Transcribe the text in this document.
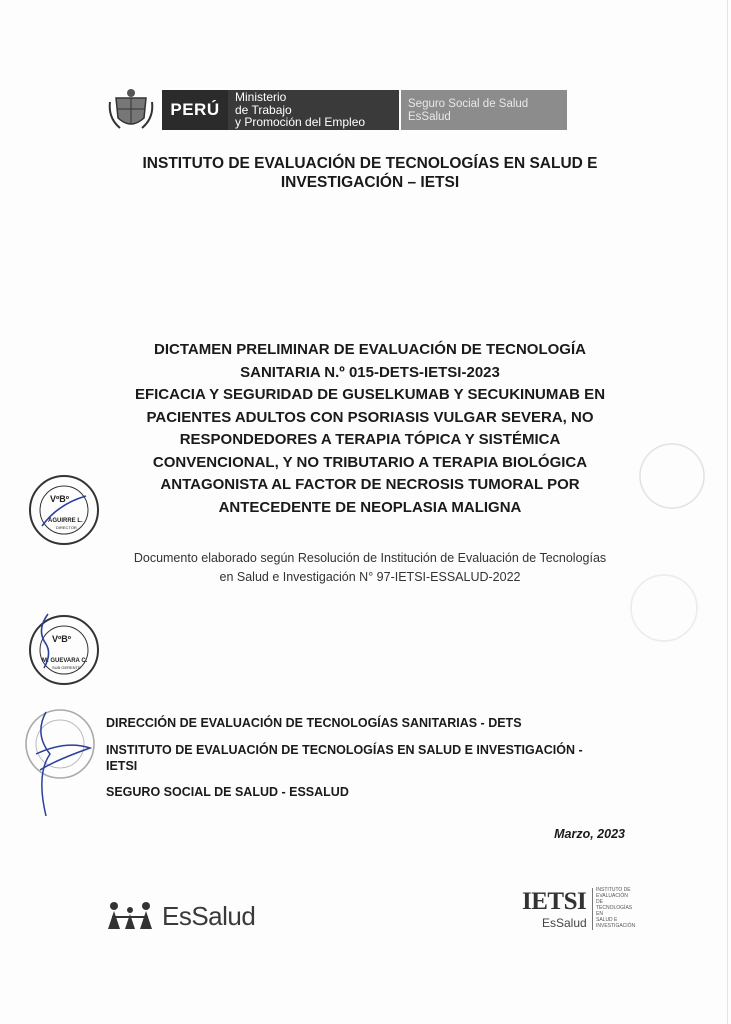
PERÚ
Ministerio
de Trabajo
y Promoción del Empleo
Seguro Social de Salud
EsSalud
INSTITUTO DE EVALUACIÓN DE TECNOLOGÍAS EN SALUD E
INVESTIGACIÓN – IETSI
DICTAMEN PRELIMINAR DE EVALUACIÓN DE TECNOLOGÍA
SANITARIA N.º 015-DETS-IETSI-2023
EFICACIA Y SEGURIDAD DE GUSELKUMAB Y SECUKINUMAB EN
PACIENTES ADULTOS CON PSORIASIS VULGAR SEVERA, NO
RESPONDEDORES A TERAPIA TÓPICA Y SISTÉMICA
CONVENCIONAL, Y NO TRIBUTARIO A TERAPIA BIOLÓGICA
ANTAGONISTA AL FACTOR DE NECROSIS TUMORAL POR
ANTECEDENTE DE NEOPLASIA MALIGNA
Documento elaborado según Resolución de Institución de Evaluación de Tecnologías
en Salud e Investigación N° 97-IETSI-ESSALUD-2022
VºBº
AGUIRRE L.
DIRECTOR
VºBº
M. GUEVARA C.
SUB GERENTE
DIRECCIÓN DE EVALUACIÓN DE TECNOLOGÍAS SANITARIAS - DETS
INSTITUTO DE EVALUACIÓN DE TECNOLOGÍAS EN SALUD E INVESTIGACIÓN -
IETSI
SEGURO SOCIAL DE SALUD - ESSALUD
Marzo, 2023
EsSalud	IETSI
EsSalud
INSTITUTO DE
EVALUACIÓN DE
TECNOLOGÍAS EN
SALUD E
INVESTIGACIÓN
